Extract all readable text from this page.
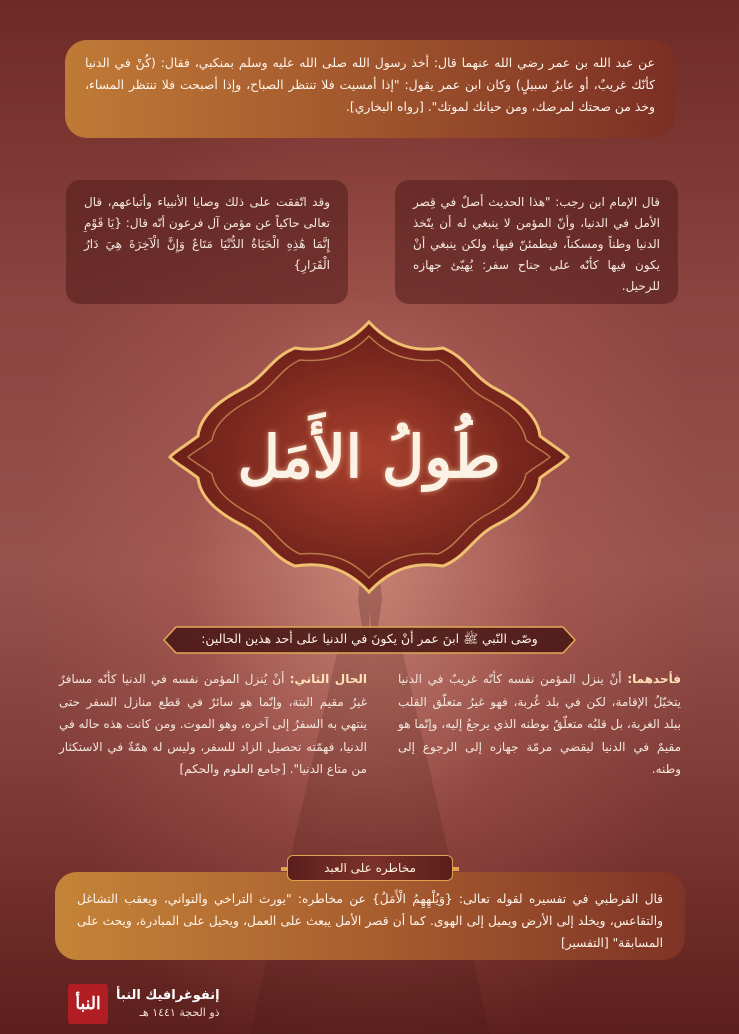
عن عبد الله بن عمر رضي الله عنهما قال: أخذ رسول الله صلى الله عليه وسلم بمنكبي، فقال: (كُنْ في الدنيا كأنّك غريبٌ، أو عابرُ سبيلٍ) وكان ابن عمر يقول: "إذا أمسيت فلا تنتظر الصباح، وإذا أصبحت فلا تنتظر المساء، وخذ من صحتك لمرضك، ومن حياتك لموتك". [رواه البخاري].
قال الإمام ابن رجب: "هذا الحديث أصلٌ في قِصر الأمل في الدنيا، وأنّ المؤمن لا ينبغي له أن يتّخذ الدنيا وطناً ومسكناً، فيطمئنّ فيها، ولكن ينبغي أنْ يكون فيها كأنّه على جناح سفر: يُهيّئ جهازه للرحيل.
وقد اتّفقت على ذلك وصايا الأنبياء وأتباعهم، قال تعالى حاكياً عن مؤمن آل فرعون أنّه قال: {يَا قَوْمِ إِنَّمَا هَٰذِهِ الْحَيَاةُ الدُّنْيَا مَتَاعٌ وَإِنَّ الْآخِرَةَ هِيَ دَارُ الْقَرَارِ}
طُولُ الأَمَل
وصّى النّبي ﷺ ابنَ عمر أنْ يكونَ في الدنيا على أحد هذين الحالين:
فأحدهما: أنْ ينزل المؤمن نفسه كأنّه غريبٌ في الدنيا يتخيّلُ الإقامة، لكن في بلد غُربة، فهو غيرُ متعلّق القلب ببلد الغربة، بل قلبُه متعلّقٌ بوطنه الذي يرجعُ إليه، وإنّما هو مقيمٌ في الدنيا ليقضي مرمّة جهازه إلى الرجوع إلى وطنه.
الحال الثاني: أنْ يُنزل المؤمن نفسه في الدنيا كأنّه مسافرٌ غيرُ مقيم البتة، وإنّما هو سائرٌ في قطع منازل السفر حتى ينتهي به السفرُ إلى آخره، وهو الموت. ومن كانت هذه حاله في الدنيا، فهمّته تحصيل الزاد للسفر، وليس له همّةٌ في الاستكثار من متاع الدنيا". [جامع العلوم والحكم]
قال القرطبي في تفسيره لقوله تعالى: {وَيُلْهِهِمُ الْأَمَلُ} عن مخاطره: "يورث التراخي والتواني، ويعقب التشاغل والتقاعس، ويخلد إلى الأرض ويميل إلى الهوى. كما أن قصر الأمل يبعث على العمل، ويحيل على المبادرة، ويحث على المسابقة" [التفسير]
مخاطره على العبد
النبأ إنفوغرافيك النبأ
ذو الحجة ١٤٤١ هـ
